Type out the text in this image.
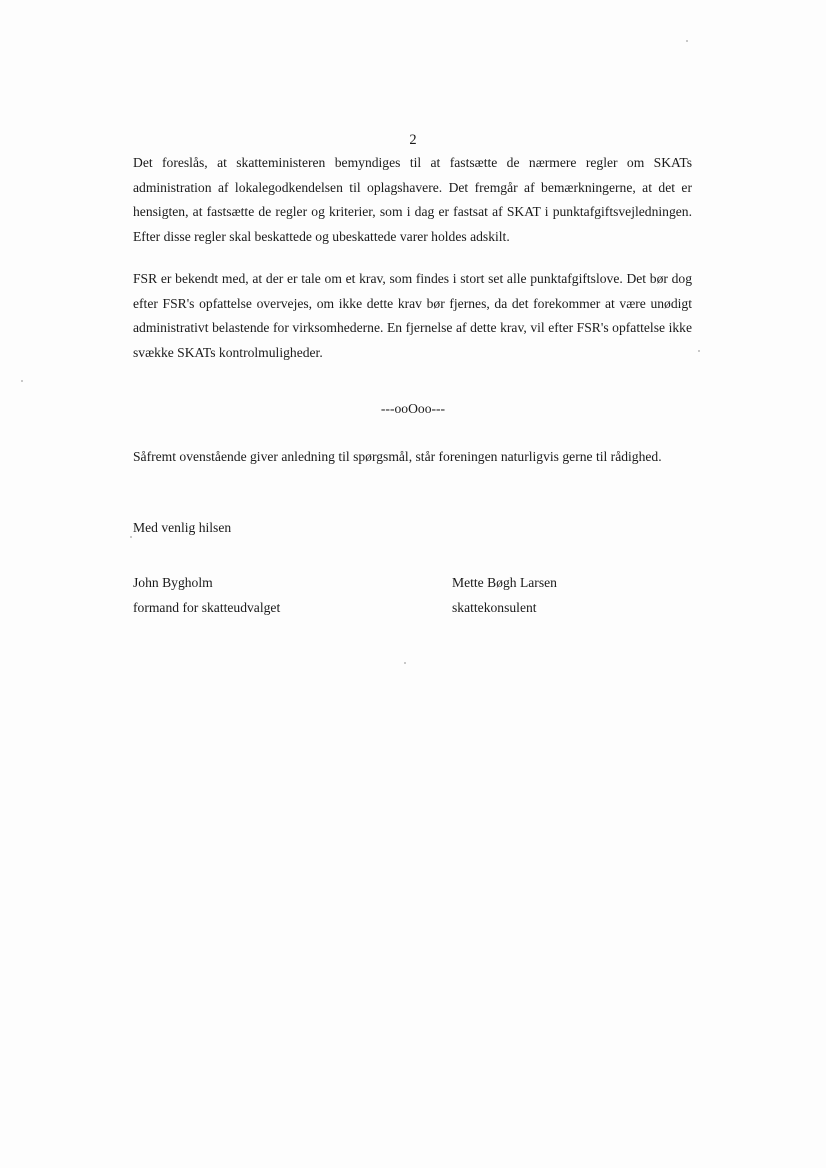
2

Det foreslås, at skatteministeren bemyndiges til at fastsætte de nærmere regler om SKATs administration af lokalegodkendelsen til oplagshavere. Det fremgår af bemærkningerne, at det er hensigten, at fastsætte de regler og kriterier, som i dag er fastsat af SKAT i punktafgiftsvejledningen. Efter disse regler skal beskattede og ubeskattede varer holdes adskilt.

FSR er bekendt med, at der er tale om et krav, som findes i stort set alle punktafgiftslove. Det bør dog efter FSR's opfattelse overvejes, om ikke dette krav bør fjernes, da det forekommer at være unødigt administrativt belastende for virksomhederne. En fjernelse af dette krav, vil efter FSR's opfattelse ikke svække SKATs kontrolmuligheder.

---ooOoo---

Såfremt ovenstående giver anledning til spørgsmål, står foreningen naturligvis gerne til rådighed.

Med venlig hilsen
John Bygholm
formand for skatteudvalget
Mette Bøgh Larsen
skattekonsulent
